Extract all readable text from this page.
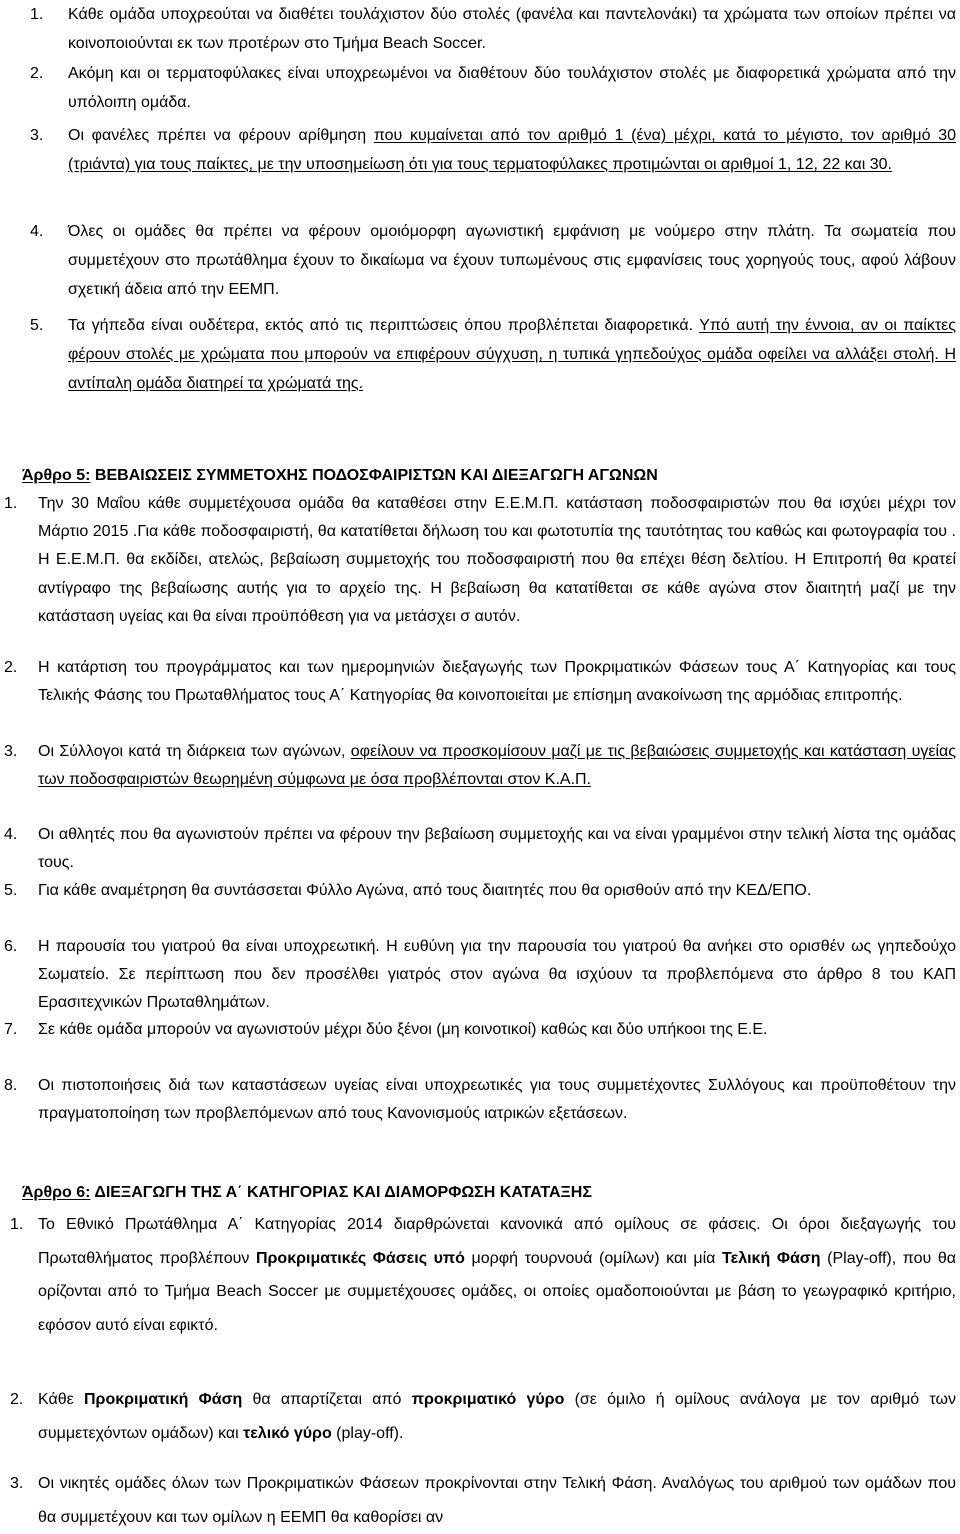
1. Κάθε ομάδα υποχρεούται να διαθέτει τουλάχιστον δύο στολές (φανέλα και παντελονάκι) τα χρώματα των οποίων πρέπει να κοινοποιούνται εκ των προτέρων στο Τμήμα Beach Soccer.
2. Ακόμη και οι τερματοφύλακες είναι υποχρεωμένοι να διαθέτουν δύο τουλάχιστον στολές με διαφορετικά χρώματα από την υπόλοιπη ομάδα.
3. Οι φανέλες πρέπει να φέρουν αρίθμηση που κυμαίνεται από τον αριθμό 1 (ένα) μέχρι, κατά το μέγιστο, τον αριθμό 30 (τριάντα) για τους παίκτες, με την υποσημείωση ότι για τους τερματοφύλακες προτιμώνται οι αριθμοί 1, 12, 22 και 30.
4. Όλες οι ομάδες θα πρέπει να φέρουν ομοιόμορφη αγωνιστική εμφάνιση με νούμερο στην πλάτη. Τα σωματεία που συμμετέχουν στο πρωτάθλημα έχουν το δικαίωμα να έχουν τυπωμένους στις εμφανίσεις τους χορηγούς τους, αφού λάβουν σχετική άδεια από την ΕΕΜΠ.
5. Τα γήπεδα είναι ουδέτερα, εκτός από τις περιπτώσεις όπου προβλέπεται διαφορετικά. Υπό αυτή την έννοια, αν οι παίκτες φέρουν στολές με χρώματα που μπορούν να επιφέρουν σύγχυση, η τυπικά γηπεδούχος ομάδα οφείλει να αλλάξει στολή. Η αντίπαλη ομάδα διατηρεί τα χρώματά της.

Άρθρο 5: ΒΕΒΑΙΩΣΕΙΣ ΣΥΜΜΕΤΟΧΗΣ ΠΟΔΟΣΦΑΙΡΙΣΤΩΝ ΚΑΙ ΔΙΕΞΑΓΩΓΗ ΑΓΩΝΩΝ

1. Την 30 Μαΐου κάθε συμμετέχουσα ομάδα θα καταθέσει στην Ε.Ε.Μ.Π. κατάσταση ποδοσφαιριστών που θα ισχύει μέχρι τον Μάρτιο 2015 .Για κάθε ποδοσφαιριστή, θα κατατίθεται δήλωση του και φωτοτυπία της ταυτότητας του καθώς και φωτογραφία του . Η Ε.Ε.Μ.Π. θα εκδίδει, ατελώς, βεβαίωση συμμετοχής του ποδοσφαιριστή που θα επέχει θέση δελτίου. Η Επιτροπή θα κρατεί αντίγραφο της βεβαίωσης αυτής για το αρχείο της. Η βεβαίωση θα κατατίθεται σε κάθε αγώνα στον διαιτητή μαζί με την κατάσταση υγείας και θα είναι προϋπόθεση για να μετάσχει σ αυτόν.
2. Η κατάρτιση του προγράμματος και των ημερομηνιών διεξαγωγής των Προκριματικών Φάσεων τους Α΄ Κατηγορίας και τους Τελικής Φάσης του Πρωταθλήματος τους Α΄ Κατηγορίας θα κοινοποιείται με επίσημη ανακοίνωση της αρμόδιας επιτροπής.
3. Οι Σύλλογοι κατά τη διάρκεια των αγώνων, οφείλουν να προσκομίσουν μαζί με τις βεβαιώσεις συμμετοχής και κατάσταση υγείας των ποδοσφαιριστών θεωρημένη σύμφωνα με όσα προβλέπονται στον Κ.Α.Π.
4. Οι αθλητές που θα αγωνιστούν πρέπει να φέρουν την βεβαίωση συμμετοχής και να είναι γραμμένοι στην τελική λίστα της ομάδας τους.
5. Για κάθε αναμέτρηση θα συντάσσεται Φύλλο Αγώνα, από τους διαιτητές που θα ορισθούν από την ΚΕΔ/ΕΠΟ.
6. Η παρουσία του γιατρού θα είναι υποχρεωτική. Η ευθύνη για την παρουσία του γιατρού θα ανήκει στο ορισθέν ως γηπεδούχο Σωματείο. Σε περίπτωση που δεν προσέλθει γιατρός στον αγώνα θα ισχύουν τα προβλεπόμενα στο άρθρο 8 του ΚΑΠ Ερασιτεχνικών Πρωταθλημάτων.
7. Σε κάθε ομάδα μπορούν να αγωνιστούν μέχρι δύο ξένοι (μη κοινοτικοί) καθώς και δύο υπήκοοι της Ε.Ε.
8. Οι πιστοποιήσεις διά των καταστάσεων υγείας είναι υποχρεωτικές για τους συμμετέχοντες Συλλόγους και προϋποθέτουν την πραγματοποίηση των προβλεπόμενων από τους Κανονισμούς ιατρικών εξετάσεων.

Άρθρο 6: ΔΙΕΞΑΓΩΓΗ ΤΗΣ Α΄ ΚΑΤΗΓΟΡΙΑΣ ΚΑΙ ΔΙΑΜΟΡΦΩΣΗ ΚΑΤΑΤΑΞΗΣ

1. Το Εθνικό Πρωτάθλημα Α΄ Κατηγορίας 2014 διαρθρώνεται κανονικά από ομίλους σε φάσεις. Οι όροι διεξαγωγής του Πρωταθλήματος προβλέπουν Προκριματικές Φάσεις υπό μορφή τουρνουά (ομίλων) και μία Τελική Φάση (Play-off), που θα ορίζονται από το Τμήμα Beach Soccer με συμμετέχουσες ομάδες, οι οποίες ομαδοποιούνται με βάση το γεωγραφικό κριτήριο, εφόσον αυτό είναι εφικτό.
2. Κάθε Προκριματική Φάση θα απαρτίζεται από προκριματικό γύρο (σε όμιλο ή ομίλους ανάλογα με τον αριθμό των συμμετεχόντων ομάδων) και τελικό γύρο (play-off).
3. Οι νικητές ομάδες όλων των Προκριματικών Φάσεων προκρίνονται στην Τελική Φάση. Αναλόγως του αριθμού των ομάδων που θα συμμετέχουν και των ομίλων η ΕΕΜΠ θα καθορίσει αν
